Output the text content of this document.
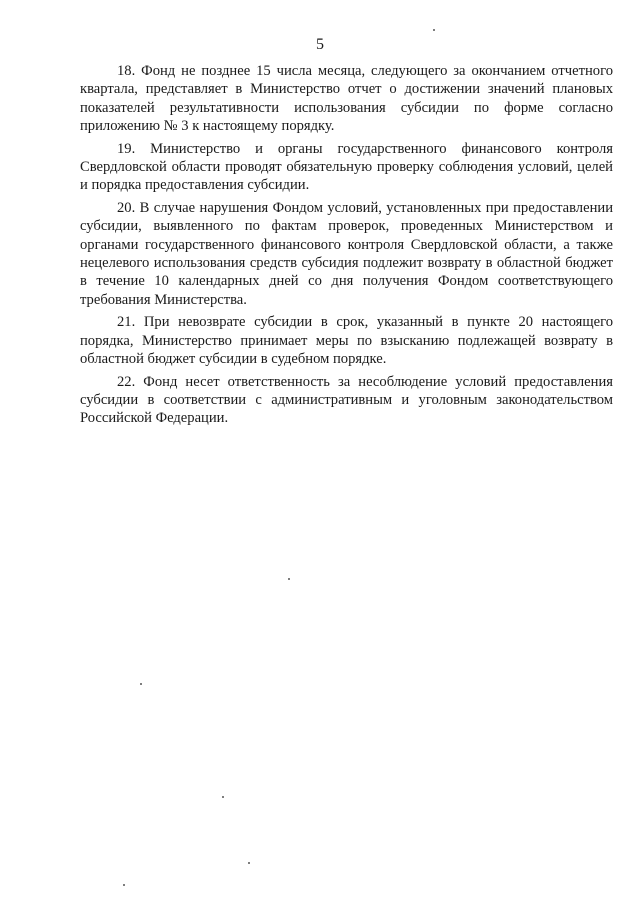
5

18. Фонд не позднее 15 числа месяца, следующего за окончанием отчетного квартала, представляет в Министерство отчет о достижении значений плановых показателей результативности использования субсидии по форме согласно приложению № 3 к настоящему порядку.

19. Министерство и органы государственного финансового контроля Свердловской области проводят обязательную проверку соблюдения условий, целей и порядка предоставления субсидии.

20. В случае нарушения Фондом условий, установленных при предоставлении субсидии, выявленного по фактам проверок, проведенных Министерством и органами государственного финансового контроля Свердловской области, а также нецелевого использования средств субсидия подлежит возврату в областной бюджет в течение 10 календарных дней со дня получения Фондом соответствующего требования Министерства.

21. При невозврате субсидии в срок, указанный в пункте 20 настоящего порядка, Министерство принимает меры по взысканию подлежащей возврату в областной бюджет субсидии в судебном порядке.

22. Фонд несет ответственность за несоблюдение условий предоставления субсидии в соответствии с административным и уголовным законодательством Российской Федерации.
